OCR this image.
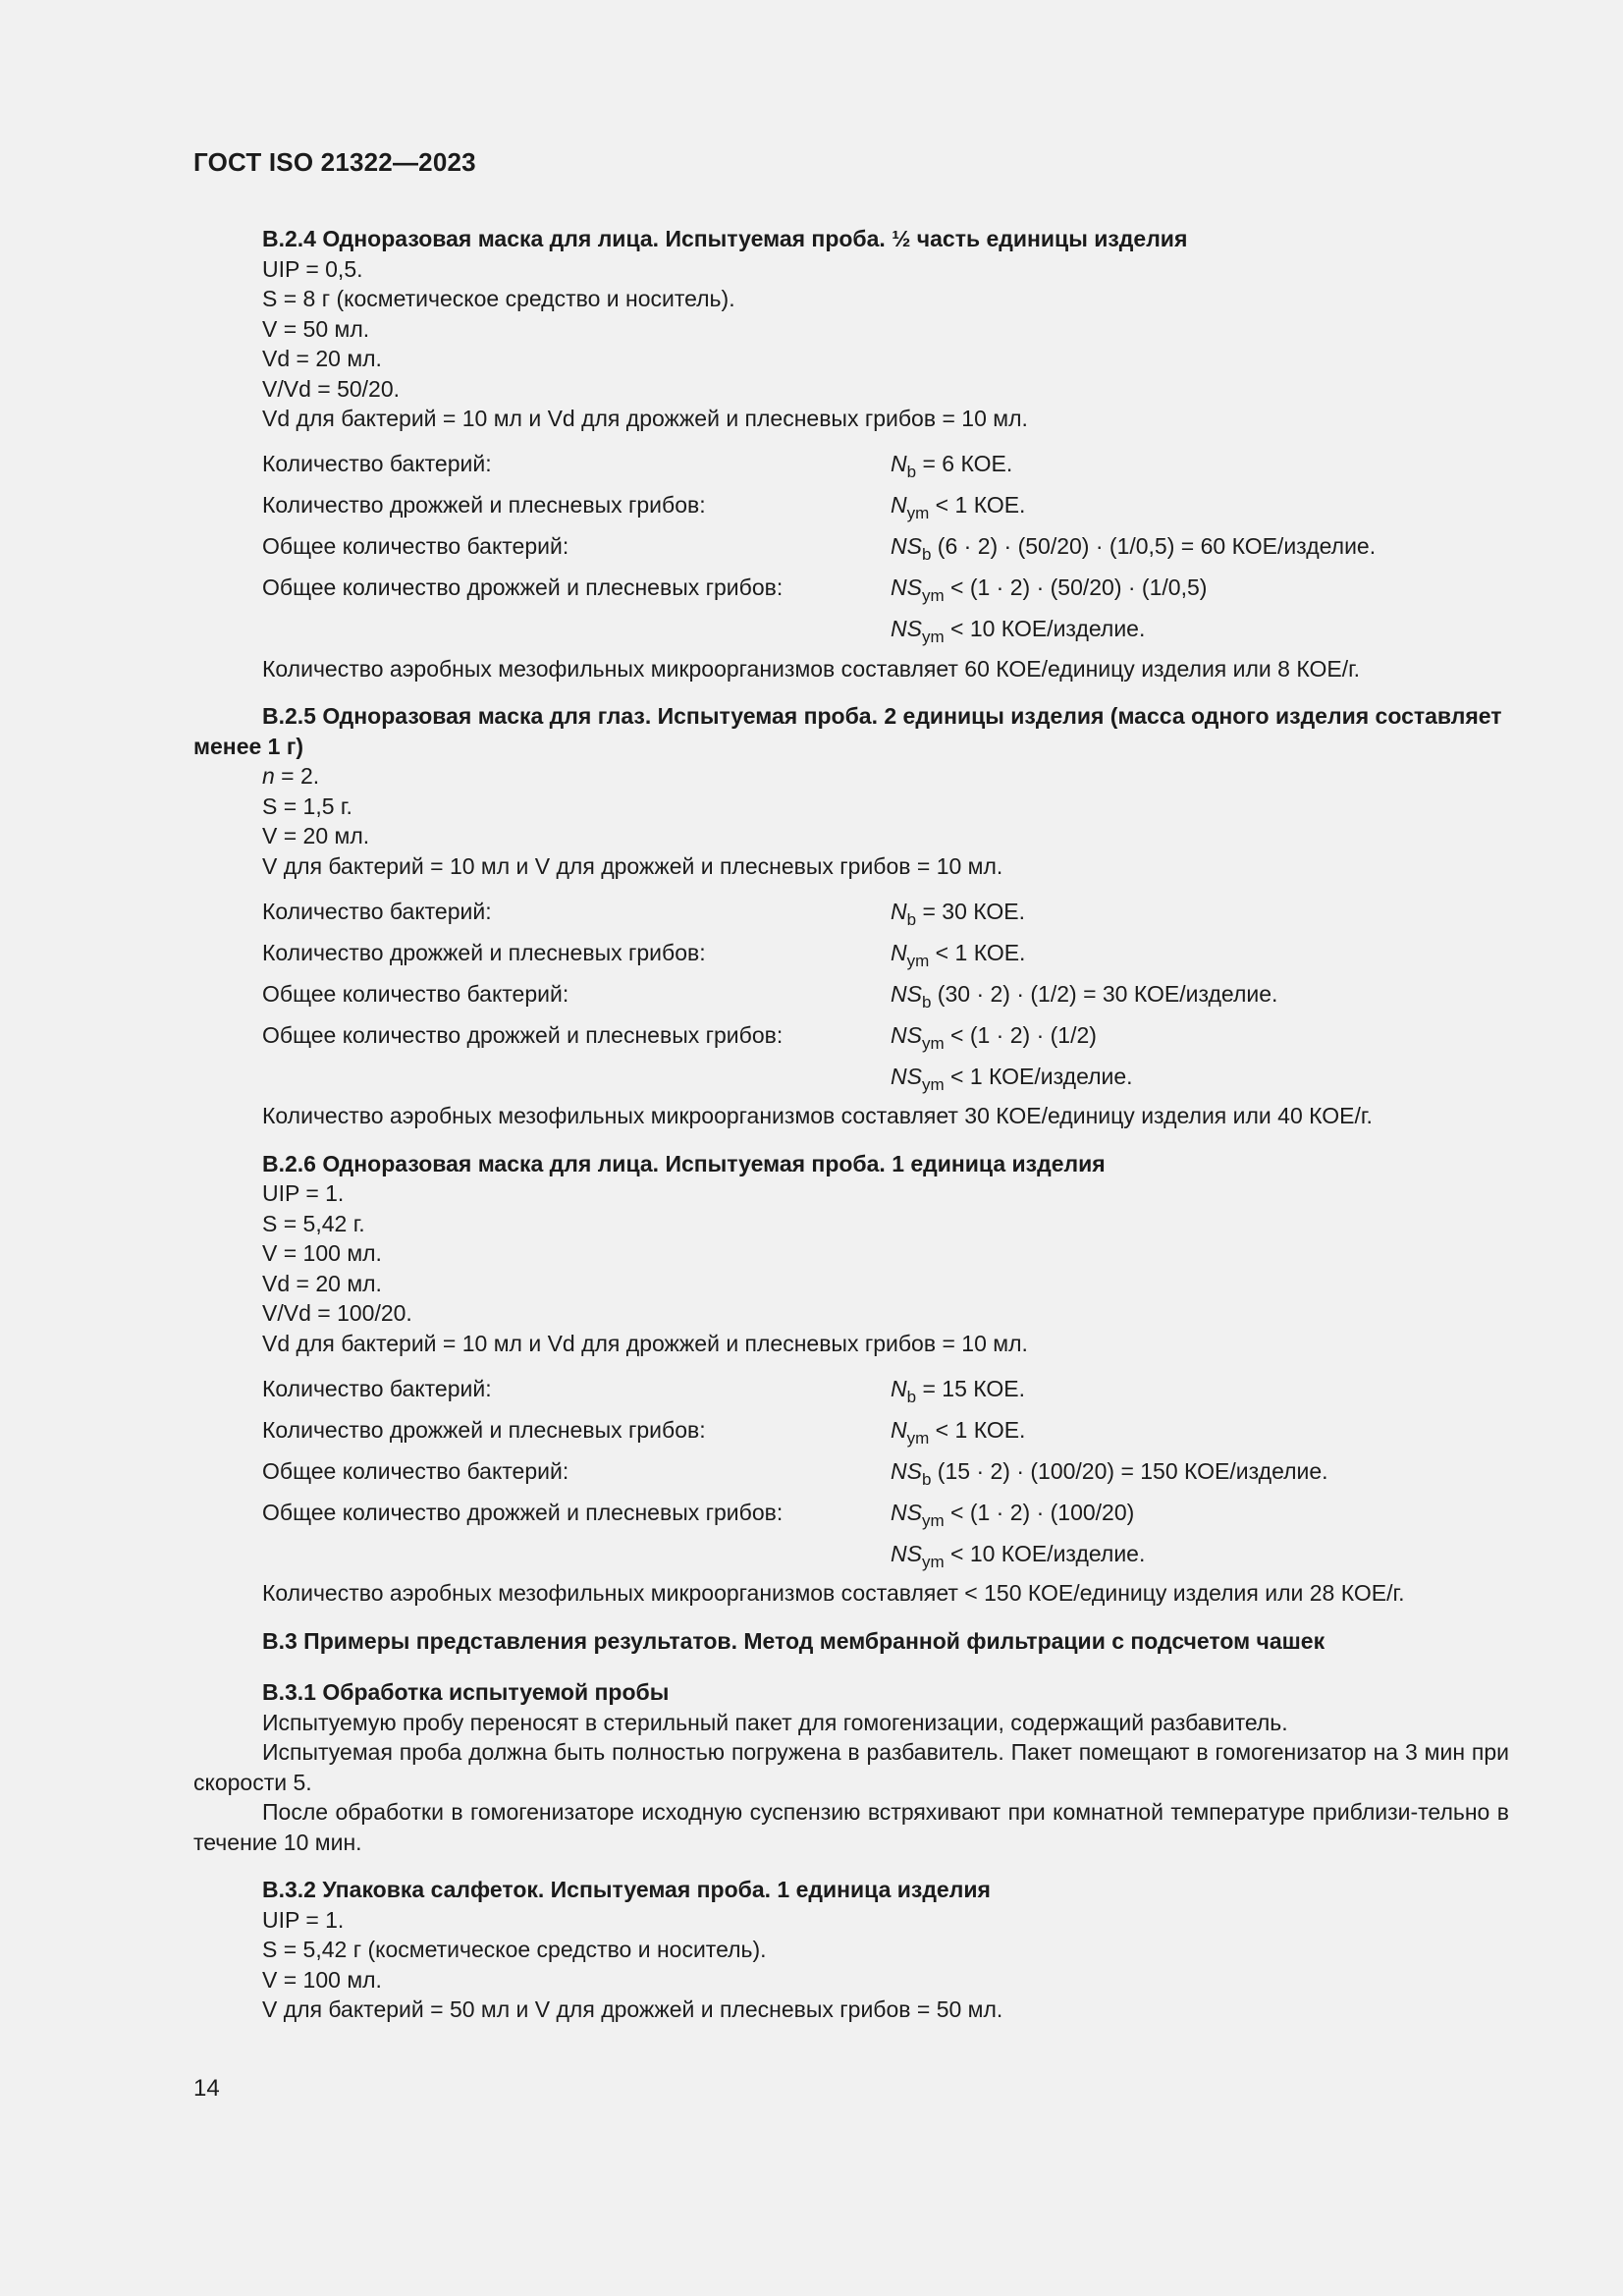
ГОСТ ISO 21322—2023

B.2.4 Одноразовая маска для лица. Испытуемая проба. ½ часть единицы изделия

UIP = 0,5.

S = 8 г (косметическое средство и носитель).

V = 50 мл.

Vd = 20 мл.

V/Vd = 50/20.

Vd для бактерий = 10 мл и Vd для дрожжей и плесневых грибов = 10 мл.

Количество бактерий:	$N_b = 6$ КОЕ.
Количество дрожжей и плесневых грибов:	$N_{ym} < 1$ КОЕ.
Общее количество бактерий:	$NS_b$ (6 · 2) · (50/20) · (1/0,5) = 60 КОЕ/изделие.
Общее количество дрожжей и плесневых грибов:	$NS_{ym} < (1 \cdot 2) \cdot (50/20) \cdot (1/0,5)$
$NS_{ym} < 10$ КОЕ/изделие.

Количество аэробных мезофильных микроорганизмов составляет 60 КОЕ/единицу изделия или 8 КОЕ/г.

B.2.5 Одноразовая маска для глаз. Испытуемая проба. 2 единицы изделия (масса одного изделия составляет менее 1 г)

n = 2.

S = 1,5 г.

V = 20 мл.

V для бактерий = 10 мл и V для дрожжей и плесневых грибов = 10 мл.

Количество бактерий:	$N_b = 30$ КОЕ.
Количество дрожжей и плесневых грибов:	$N_{ym} < 1$ КОЕ.
Общее количество бактерий:	$NS_b$ (30 · 2) · (1/2) = 30 КОЕ/изделие.
Общее количество дрожжей и плесневых грибов:	$NS_{ym} < (1 \cdot 2) \cdot (1/2)$
$NS_{ym} < 1$ КОЕ/изделие.

Количество аэробных мезофильных микроорганизмов составляет 30 КОЕ/единицу изделия или 40 КОЕ/г.

B.2.6 Одноразовая маска для лица. Испытуемая проба. 1 единица изделия

UIP = 1.

S = 5,42 г.

V = 100 мл.

Vd = 20 мл.

V/Vd = 100/20.

Vd для бактерий = 10 мл и Vd для дрожжей и плесневых грибов = 10 мл.

Количество бактерий:	$N_b = 15$ КОЕ.
Количество дрожжей и плесневых грибов:	$N_{ym} < 1$ КОЕ.
Общее количество бактерий:	$NS_b$ (15 · 2) · (100/20) = 150 КОЕ/изделие.
Общее количество дрожжей и плесневых грибов:	$NS_{ym} < (1 \cdot 2) \cdot (100/20)$
$NS_{ym} < 10$ КОЕ/изделие.

Количество аэробных мезофильных микроорганизмов составляет < 150 КОЕ/единицу изделия или 28 КОЕ/г.

B.3 Примеры представления результатов. Метод мембранной фильтрации с подсчетом чашек

B.3.1 Обработка испытуемой пробы

Испытуемую пробу переносят в стерильный пакет для гомогенизации, содержащий разбавитель.

Испытуемая проба должна быть полностью погружена в разбавитель. Пакет помещают в гомогенизатор на 3 мин при скорости 5.

После обработки в гомогенизаторе исходную суспензию встряхивают при комнатной температуре приблизи-тельно в течение 10 мин.

B.3.2 Упаковка салфеток. Испытуемая проба. 1 единица изделия

UIP = 1.

S = 5,42 г (косметическое средство и носитель).

V = 100 мл.

V для бактерий = 50 мл и V для дрожжей и плесневых грибов = 50 мл.

14
